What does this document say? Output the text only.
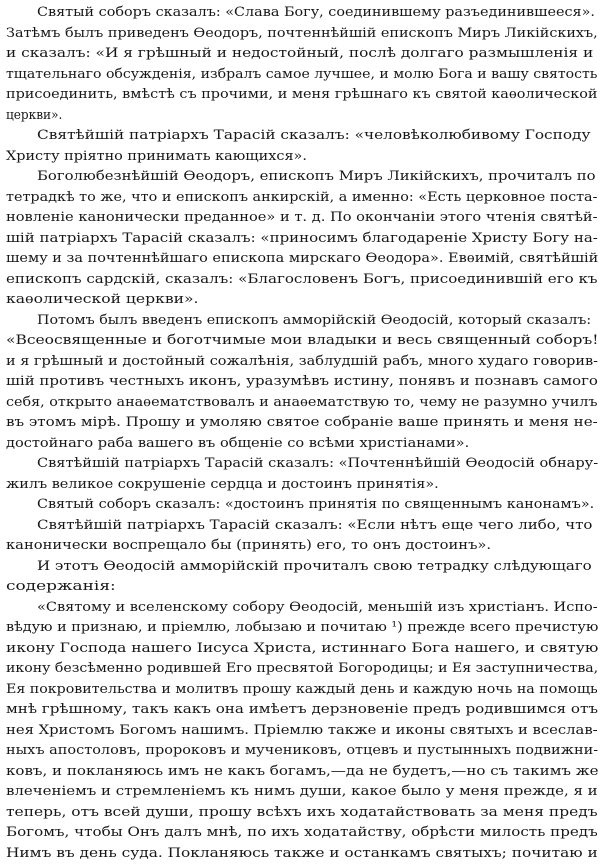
Святый соборъ сказалъ: «Слава Богу, соединившему разъединившееся».

Затѣмъ былъ приведенъ Ѳеодоръ, почтеннѣйшій епископъ Миръ Ликійскихъ,

и сказалъ: «И я грѣшный и недостойный, послѣ долгаго размышленія и

тщательнаго обсужденія, избралъ самое лучшее, и молю Бога и вашу святость

присоединить, вмѣстѣ съ прочими, и меня грѣшнаго къ святой каѳолической

церкви».

Святѣйшій патріархъ Тарасій сказалъ: «человѣколюбивому Господу

Христу пріятно принимать кающихся».

Боголюбезнѣйшій Ѳеодоръ, епископъ Миръ Ликійскихъ, прочиталъ по

тетрадкѣ то же, что и епископъ анкирскій, а именно: «Есть церковное поста-

новленіе канонически преданное» и т. д. По окончаніи этого чтенія святѣй-

шій патріархъ Тарасій сказалъ: «приносимъ благодареніе Христу Богу на-

шему и за почтеннѣйшаго епископа мирскаго Ѳеодора». Евѳимій, святѣйшій

епископъ сардскій, сказалъ: «Благословенъ Богъ, присоединившій его къ

каѳолической церкви».

Потомъ былъ введенъ епископъ амморійскій Ѳеодосій, который сказалъ:

«Всеосвященные и боготчимые мои владыки и весь священный соборъ!

и я грѣшный и достойный сожалѣнія, заблудшій рабъ, много худаго говорив-

шій противъ честныхъ иконъ, уразумѣвъ истину, понявъ и познавъ самого

себя, открыто анаѳематствовалъ и анаѳематствую то, чему не разумно училъ

въ этомъ мірѣ. Прошу и умоляю святое собраніе ваше принять и меня не-

достойнаго раба вашего въ общеніе со всѣми христіанами».

Святѣйшій патріархъ Тарасій сказалъ: «Почтеннѣйшій Ѳеодосій обнару-

жилъ великое сокрушеніе сердца и достоинъ принятія».

Святый соборъ сказалъ: «достоинъ принятія по священнымъ канонамъ».

Святѣйшій патріархъ Тарасій сказалъ: «Если нѣтъ еще чего либо, что

канонически воспрещало бы (принять) его, то онъ достоинъ».

И этотъ Ѳеодосій амморійскій прочиталъ свою тетрадку слѣдующаго

содержанія:

«Святому и вселенскому собору Ѳеодосій, меньшій изъ христіанъ. Испо-

вѣдую и признаю, и пріемлю, лобызаю и почитаю ¹) прежде всего пречистую

икону Господа нашего Іисуса Христа, истиннаго Бога нашего, и святую

икону безсѣменно родившей Его пресвятой Богородицы; и Ея заступничества,

Ея покровительства и молитвъ прошу каждый день и каждую ночь на помощь

мнѣ грѣшному, такъ какъ она имѣетъ дерзновеніе предъ родившимся отъ

нея Христомъ Богомъ нашимъ. Пріемлю также и иконы святыхъ и всеслав-

ныхъ апостоловъ, пророковъ и мучениковъ, отцевъ и пустынныхъ подвижни-

ковъ, и покланяюсь имъ не какъ богамъ,—да не будетъ,—но съ такимъ же

влеченіемъ и стремленіемъ къ нимъ души, какое было у меня прежде, я и

теперь, отъ всей души, прошу всѣхъ ихъ ходатайствовать за меня предъ

Богомъ, чтобы Онъ далъ мнѣ, по ихъ ходатайству, обрѣсти милость предъ

Нимъ въ день суда. Покланяюсь также и останкамъ святыхъ; почитаю и
